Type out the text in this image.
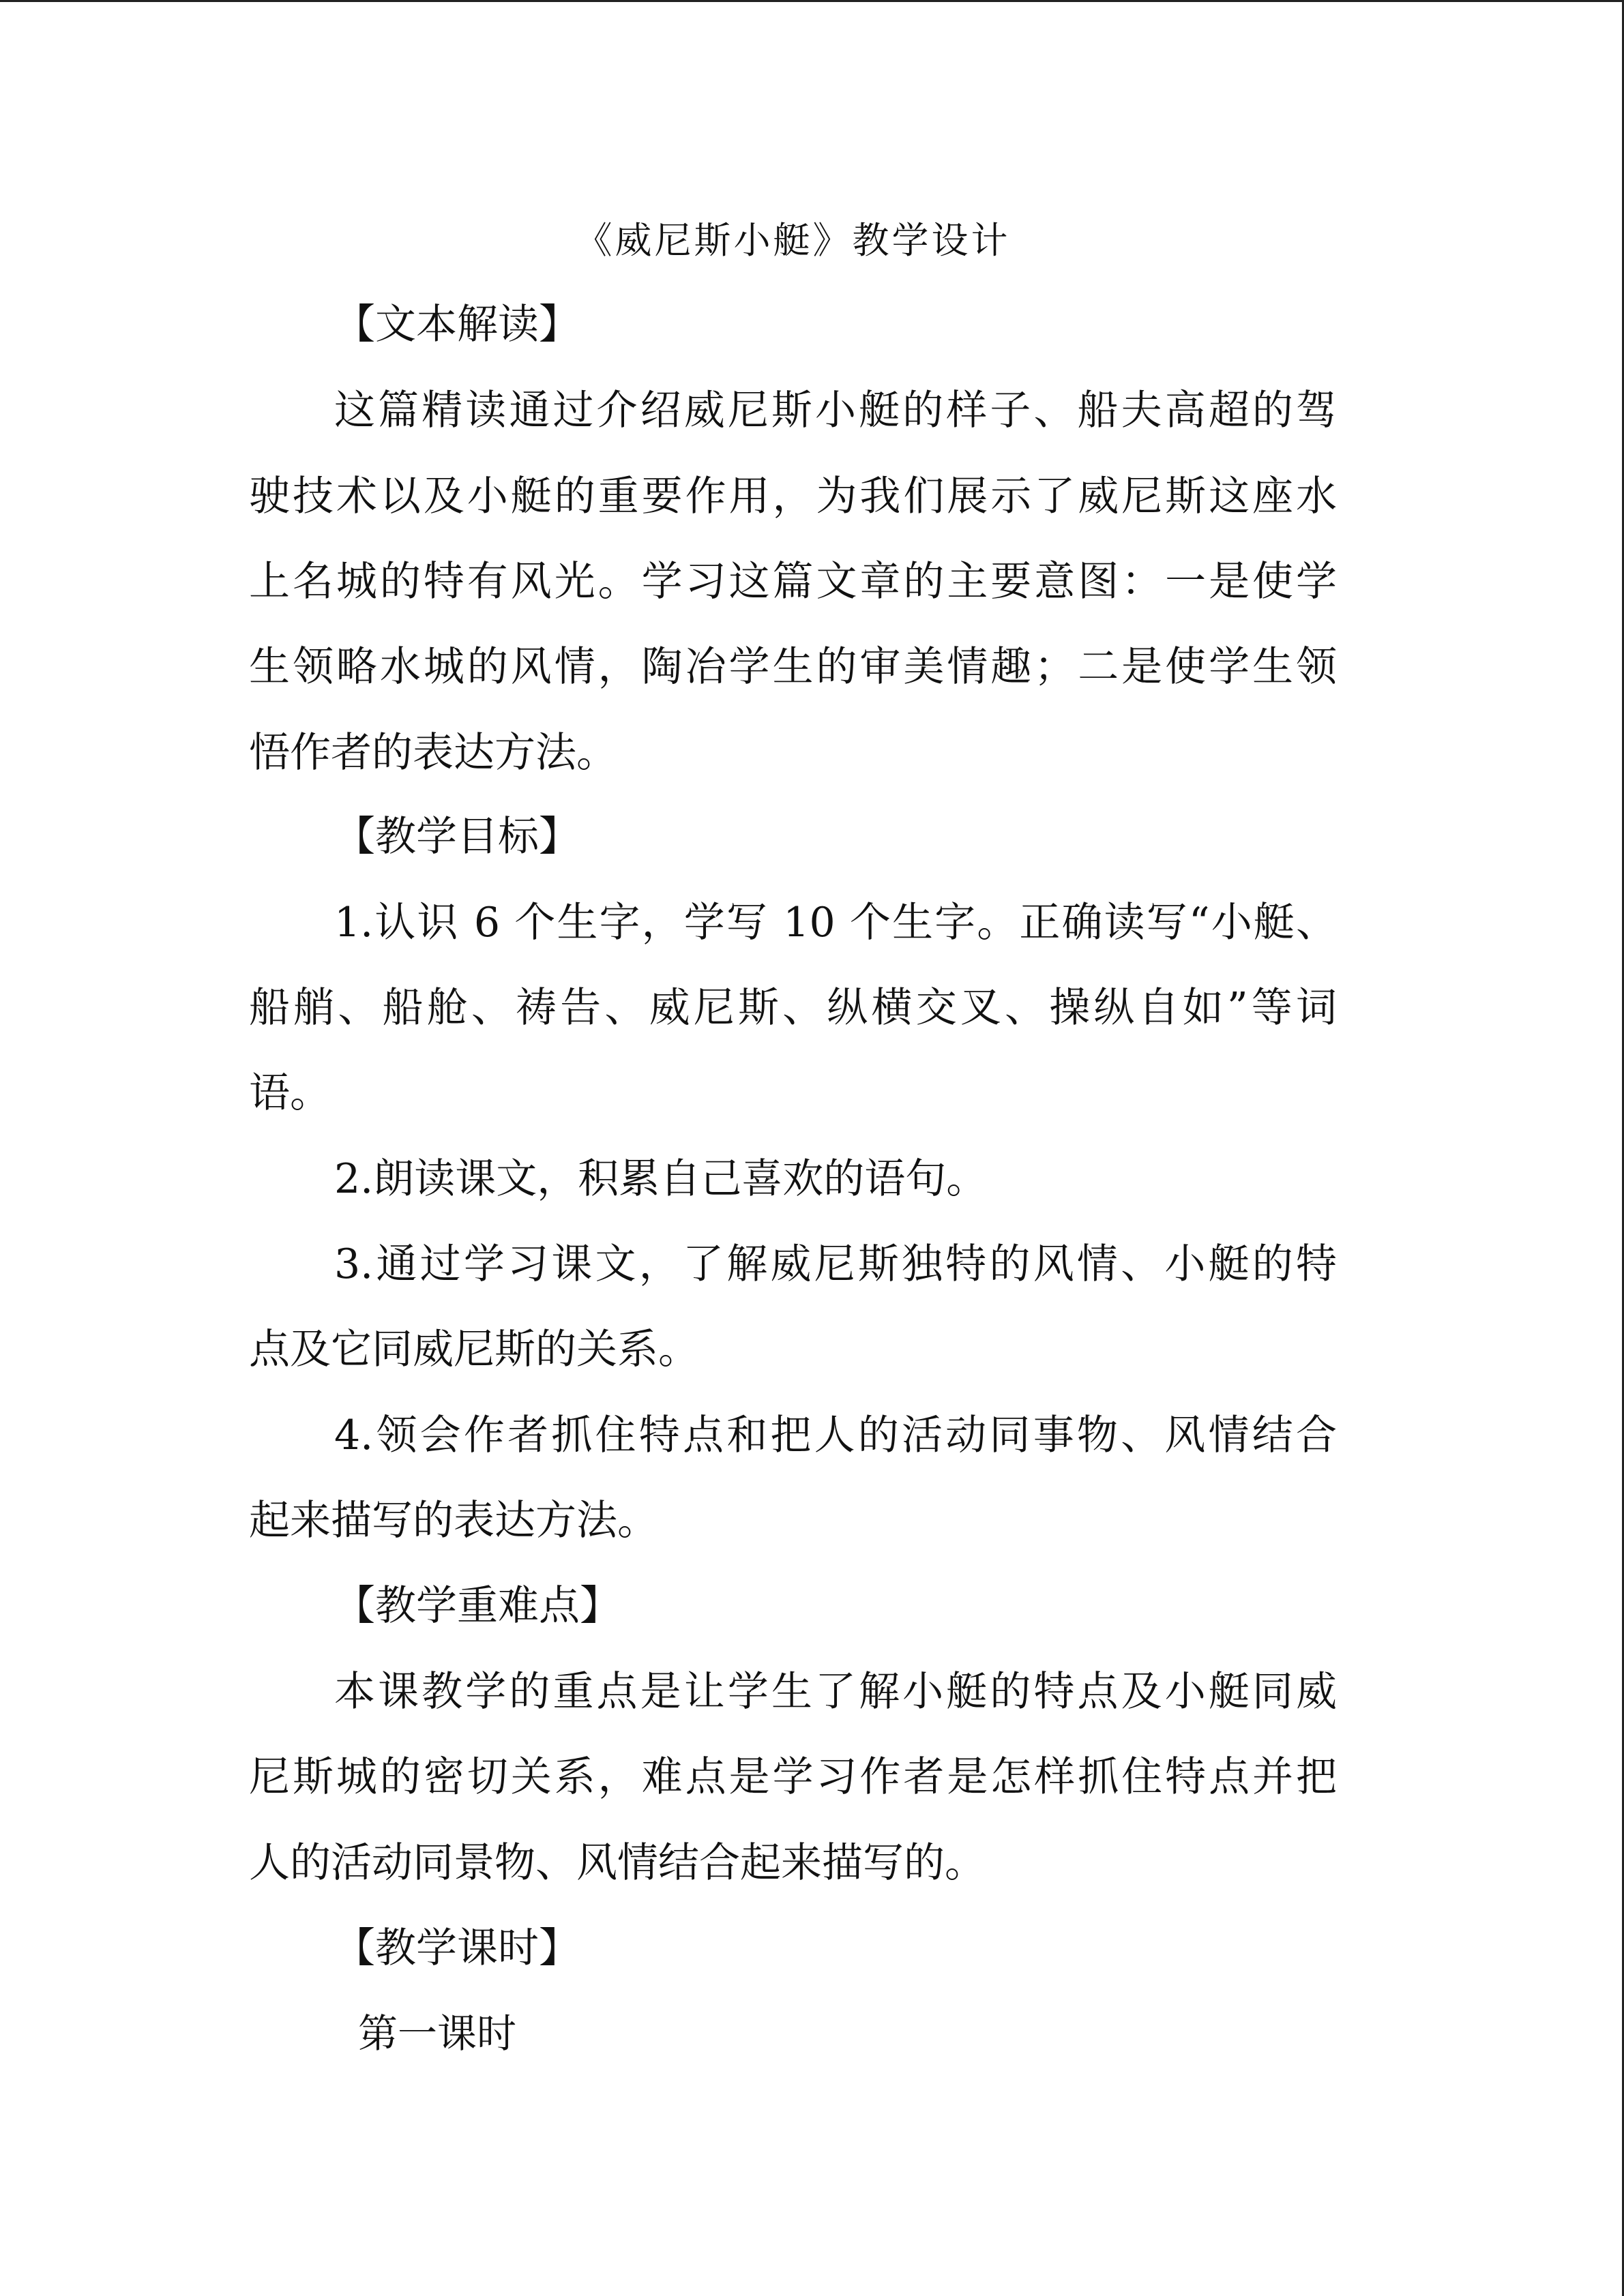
《威尼斯小艇》教学设计
【文本解读】
这篇精读通过介绍威尼斯小艇的样子、船夫高超的驾
驶技术以及小艇的重要作用，为我们展示了威尼斯这座水
上名城的特有风光。学习这篇文章的主要意图：一是使学
生领略水城的风情，陶冶学生的审美情趣；二是使学生领
悟作者的表达方法。
【教学目标】
1.认识 6 个生字，学写 10 个生字。正确读写“小艇、
船艄、船舱、祷告、威尼斯、纵横交叉、操纵自如”等词
语。
2.朗读课文，积累自己喜欢的语句。
3.通过学习课文，了解威尼斯独特的风情、小艇的特
点及它同威尼斯的关系。
4.领会作者抓住特点和把人的活动同事物、风情结合
起来描写的表达方法。
【教学重难点】
本课教学的重点是让学生了解小艇的特点及小艇同威
尼斯城的密切关系，难点是学习作者是怎样抓住特点并把
人的活动同景物、风情结合起来描写的。
【教学课时】
第一课时
